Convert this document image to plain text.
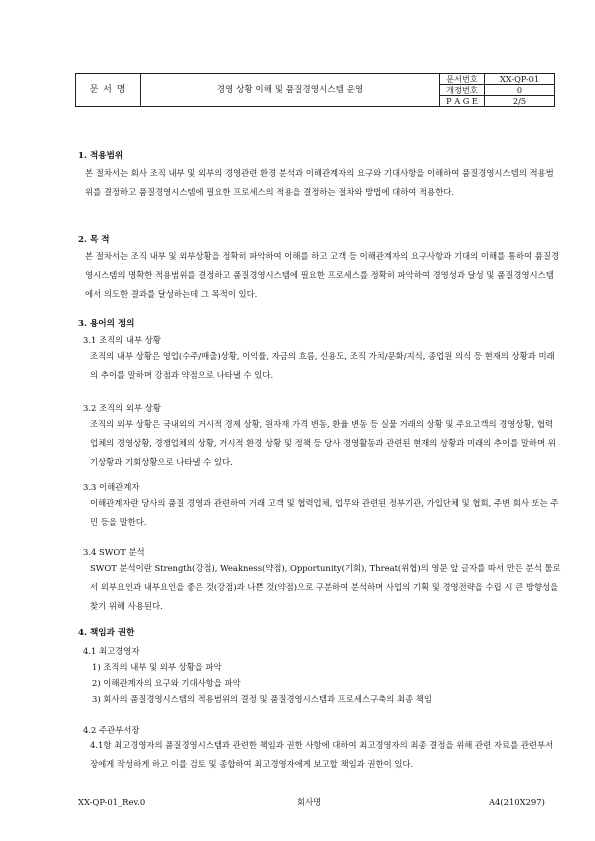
문 서 명	경영 상황 이해 및 품질경영시스템 운영	문서번호	XX-QP-01
		개정번호	0
		P A G E	2/5
1. 적용범위
본 절차서는 회사 조직 내부 및 외부의 경영관련 환경 분석과 이해관계자의 요구와 기대사항을 이해하여 품질경영시스템의 적용범위를 결정하고 품질경영시스템에 필요한 프로세스의 적용을 결정하는 절차와 방법에 대하여 적용한다.
2. 목 적
본 절차서는 조직 내부 및 외부상황을 정확히 파악하여 이해를 하고 고객 등 이해관계자의 요구사항과 기대의 이해를 통하여 품질경영시스템의 명확한 적용범위를 결정하고 품질경영시스템에 필요한 프로세스를 정확히 파악하여 경영성과 달성 및 품질경영시스템에서 의도한 결과를 달성하는데 그 목적이 있다.
3. 용어의 정의
3.1 조직의 내부 상황
조직의 내부 상황은 영업(수주/매출)상황, 이익률, 자금의 흐름, 신용도, 조직 가치/문화/지식, 종업원 의식 등 현재의 상황과 미래의 추이를 말하며 강점과 약점으로 나타낼 수 있다.
3.2 조직의 외부 상황
조직의 외부 상황은 국내외의 거시적 경제 상황, 원자재 가격 변동, 환율 변동 등 실물 거래의 상황 및 주요고객의 경영상황, 협력업체의 경영상황, 경쟁업체의 상황, 거시적 환경 상황 및 정책 등 당사 경영활동과 관련된 현재의 상황과 미래의 추이를 말하며 위기상황과 기회상황으로 나타낼 수 있다.
3.3 이해관계자
이해관계자란 당사의 품질 경영과 관련하여 거래 고객 및 협력업체, 업무와 관련된 정부기관, 가입단체 및 협회, 주변 회사 또는 주민 등을 말한다.
3.4 SWOT 분석
SWOT 분석이란 Strength(강점), Weakness(약점), Opportunity(기회), Threat(위협)의 영문 앞 글자를 따서 만든 분석 툴로서 외부요인과 내부요인을 좋은 것(강점)과 나쁜 것(약점)으로 구분하여 분석하며 사업의 기획 및 경영전략을 수립 시 큰 방향성을 찾기 위해 사용된다.
4. 책임과 권한
4.1 최고경영자
1) 조직의 내부 및 외부 상황을 파악
2) 이해관계자의 요구와 기대사항을 파악
3) 회사의 품질경영시스템의 적용범위의 결정 및 품질경영시스템과 프로세스구축의 최종 책임
4.2 주관부서장
4.1항 최고경영자의 품질경영시스템과 관련한 책임과 권한 사항에 대하여 최고경영자의 최종 결정을 위해 관련 자료를 관련부서장에게 작성하게 하고 이를 검토 및 종합하여 최고경영자에게 보고할 책임과 권한이 있다.
XX-QP-01_Rev.0	회사명	A4(210X297)
